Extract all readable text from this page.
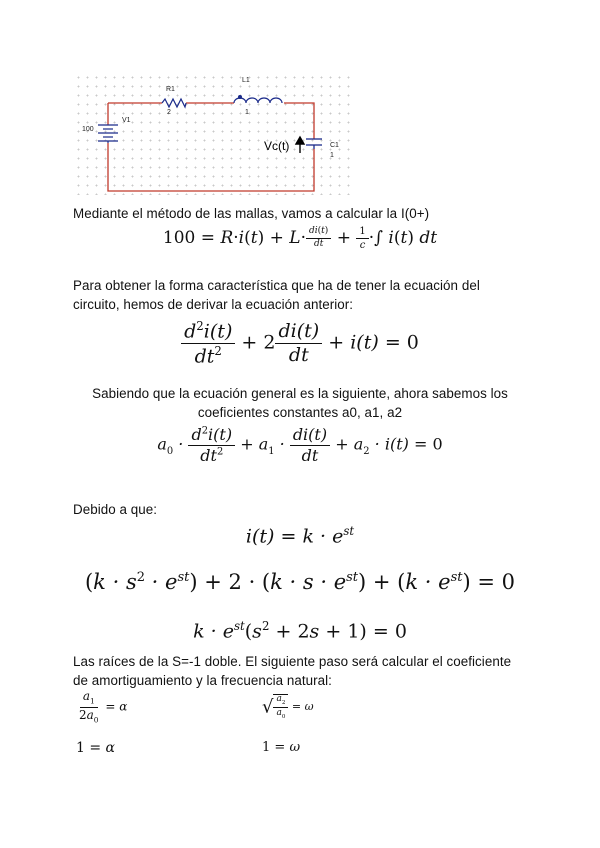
R1
2
L1
1
V1
100
C1
1
Vc(t)
Mediante el método de las mallas, vamos a calcular la I(0+)
$100 = R\cdot i(t) + L\cdot \frac{di(t)}{dt} + \frac{1}{c}$ ·∫ i(t) dt
Para obtener la forma característica que ha de tener la ecuación del circuito, hemos de derivar la ecuación anterior:
$\frac{d^2i(t)}{dt^2} + 2 \frac{di(t)}{dt} + i(t) = 0$
Sabiendo que la ecuación general es la siguiente, ahora sabemos los coeficientes constantes a0, a1, a2
$a_0 \cdot \frac{d^2i(t)}{dt^2} + a_1 \cdot \frac{di(t)}{dt} + a_2 \cdot i(t) = 0$
Debido a que:
$i(t) = k \cdot e^{st}$
$(k \cdot s^2 \cdot e^{st}) + 2 \cdot (k \cdot s \cdot e^{st}) + (k \cdot e^{st}) = 0$
$k \cdot e^{st}(s^2 + 2s + 1) = 0$
Las raíces de la S=-1 doble. El siguiente paso será calcular el coeficiente de amortiguamiento y la frecuencia natural:
$\frac{a_1}{2a_0} = \alpha$	√ $\frac{a_2}{a_0} = \omega$
1 = α	1 = ω
